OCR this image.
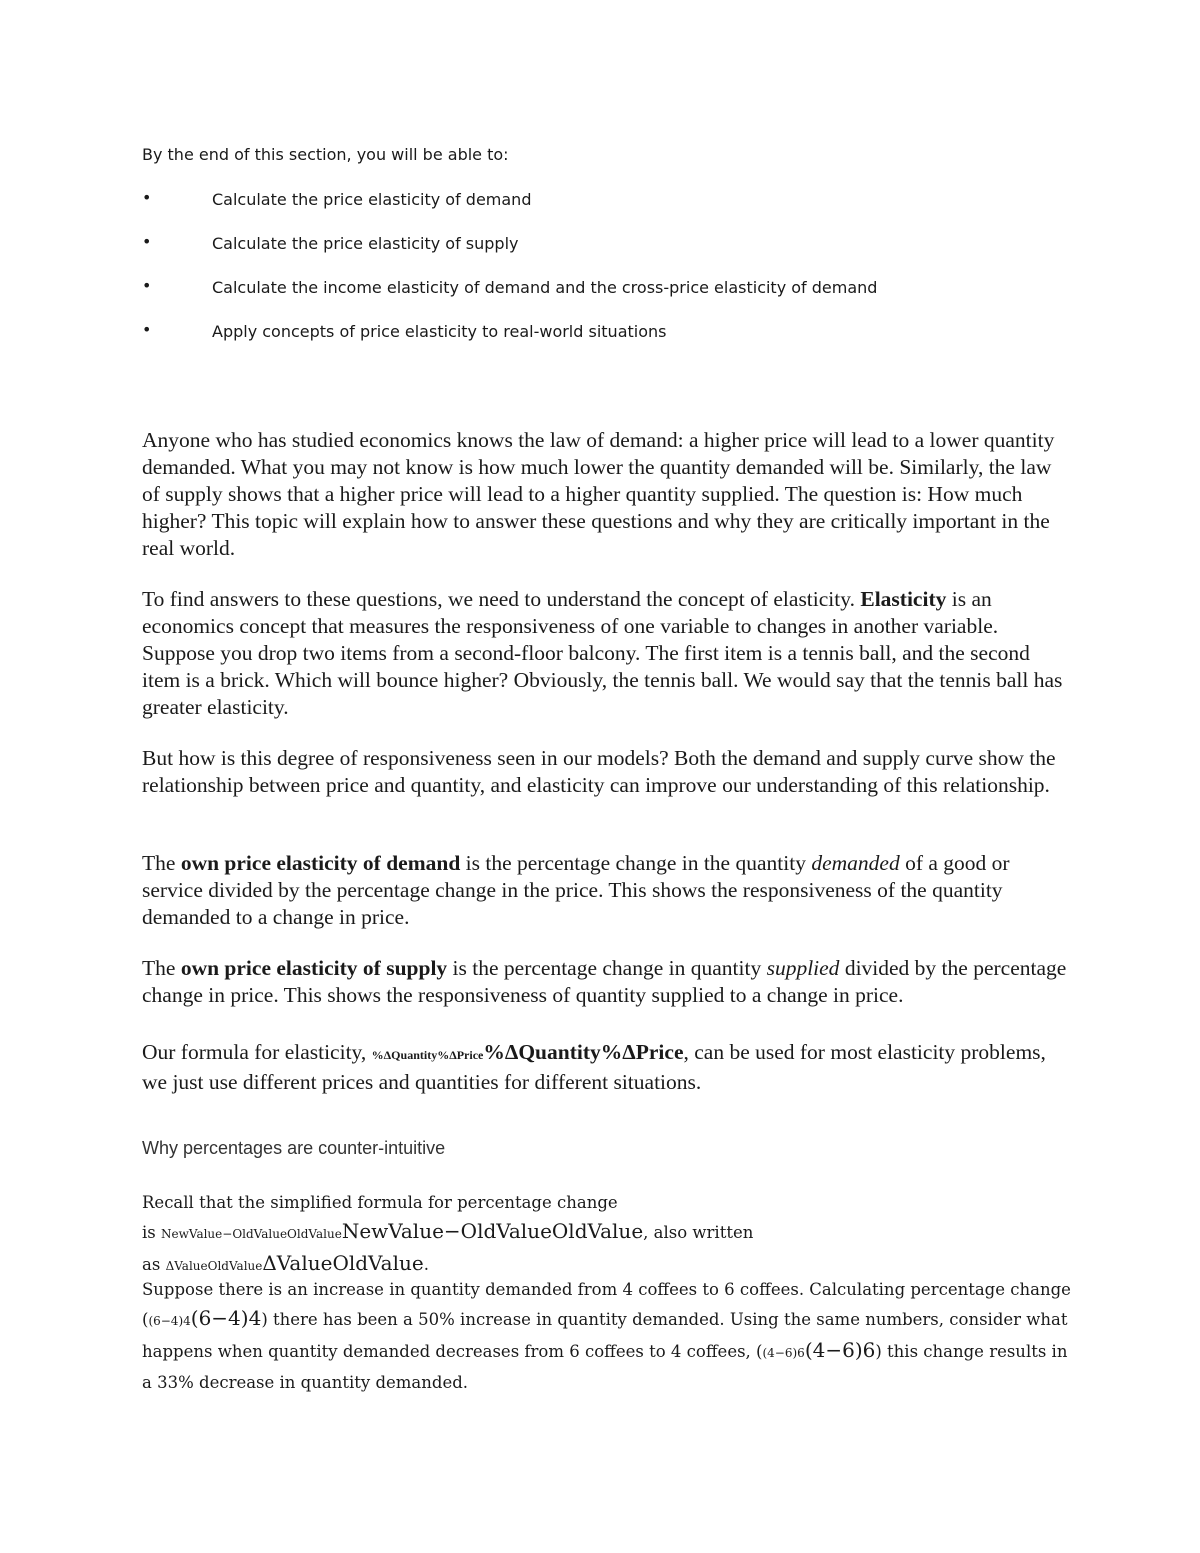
By the end of this section, you will be able to:

•	Calculate the price elasticity of demand
•	Calculate the price elasticity of supply
•	Calculate the income elasticity of demand and the cross-price elasticity of demand
•	Apply concepts of price elasticity to real-world situations

Anyone who has studied economics knows the law of demand: a higher price will lead to a lower quantity demanded. What you may not know is how much lower the quantity demanded will be. Similarly, the law of supply shows that a higher price will lead to a higher quantity supplied. The question is: How much higher? This topic will explain how to answer these questions and why they are critically important in the real world.

To find answers to these questions, we need to understand the concept of elasticity. Elasticity is an economics concept that measures the responsiveness of one variable to changes in another variable. Suppose you drop two items from a second-floor balcony. The first item is a tennis ball, and the second item is a brick. Which will bounce higher? Obviously, the tennis ball. We would say that the tennis ball has greater elasticity.

But how is this degree of responsiveness seen in our models? Both the demand and supply curve show the relationship between price and quantity, and elasticity can improve our understanding of this relationship.

The own price elasticity of demand is the percentage change in the quantity demanded of a good or service divided by the percentage change in the price. This shows the responsiveness of the quantity demanded to a change in price.

The own price elasticity of supply is the percentage change in quantity supplied divided by the percentage change in price. This shows the responsiveness of quantity supplied to a change in price.

Our formula for elasticity, %ΔQuantity%ΔPrice%ΔQuantity%ΔPrice, can be used for most elasticity problems, we just use different prices and quantities for different situations.

Why percentages are counter-intuitive

Recall that the simplified formula for percentage change
is NewValue−OldValueOldValueNewValue−OldValueOldValue, also written
as ΔValueOldValueΔValueOldValue.

Suppose there is an increase in quantity demanded from 4 coffees to 6 coffees. Calculating percentage change ((6−4)4(6−4)4) there has been a 50% increase in quantity demanded. Using the same numbers, consider what happens when quantity demanded decreases from 6 coffees to 4 coffees, ((4−6)6(4−6)6) this change results in a 33% decrease in quantity demanded.
